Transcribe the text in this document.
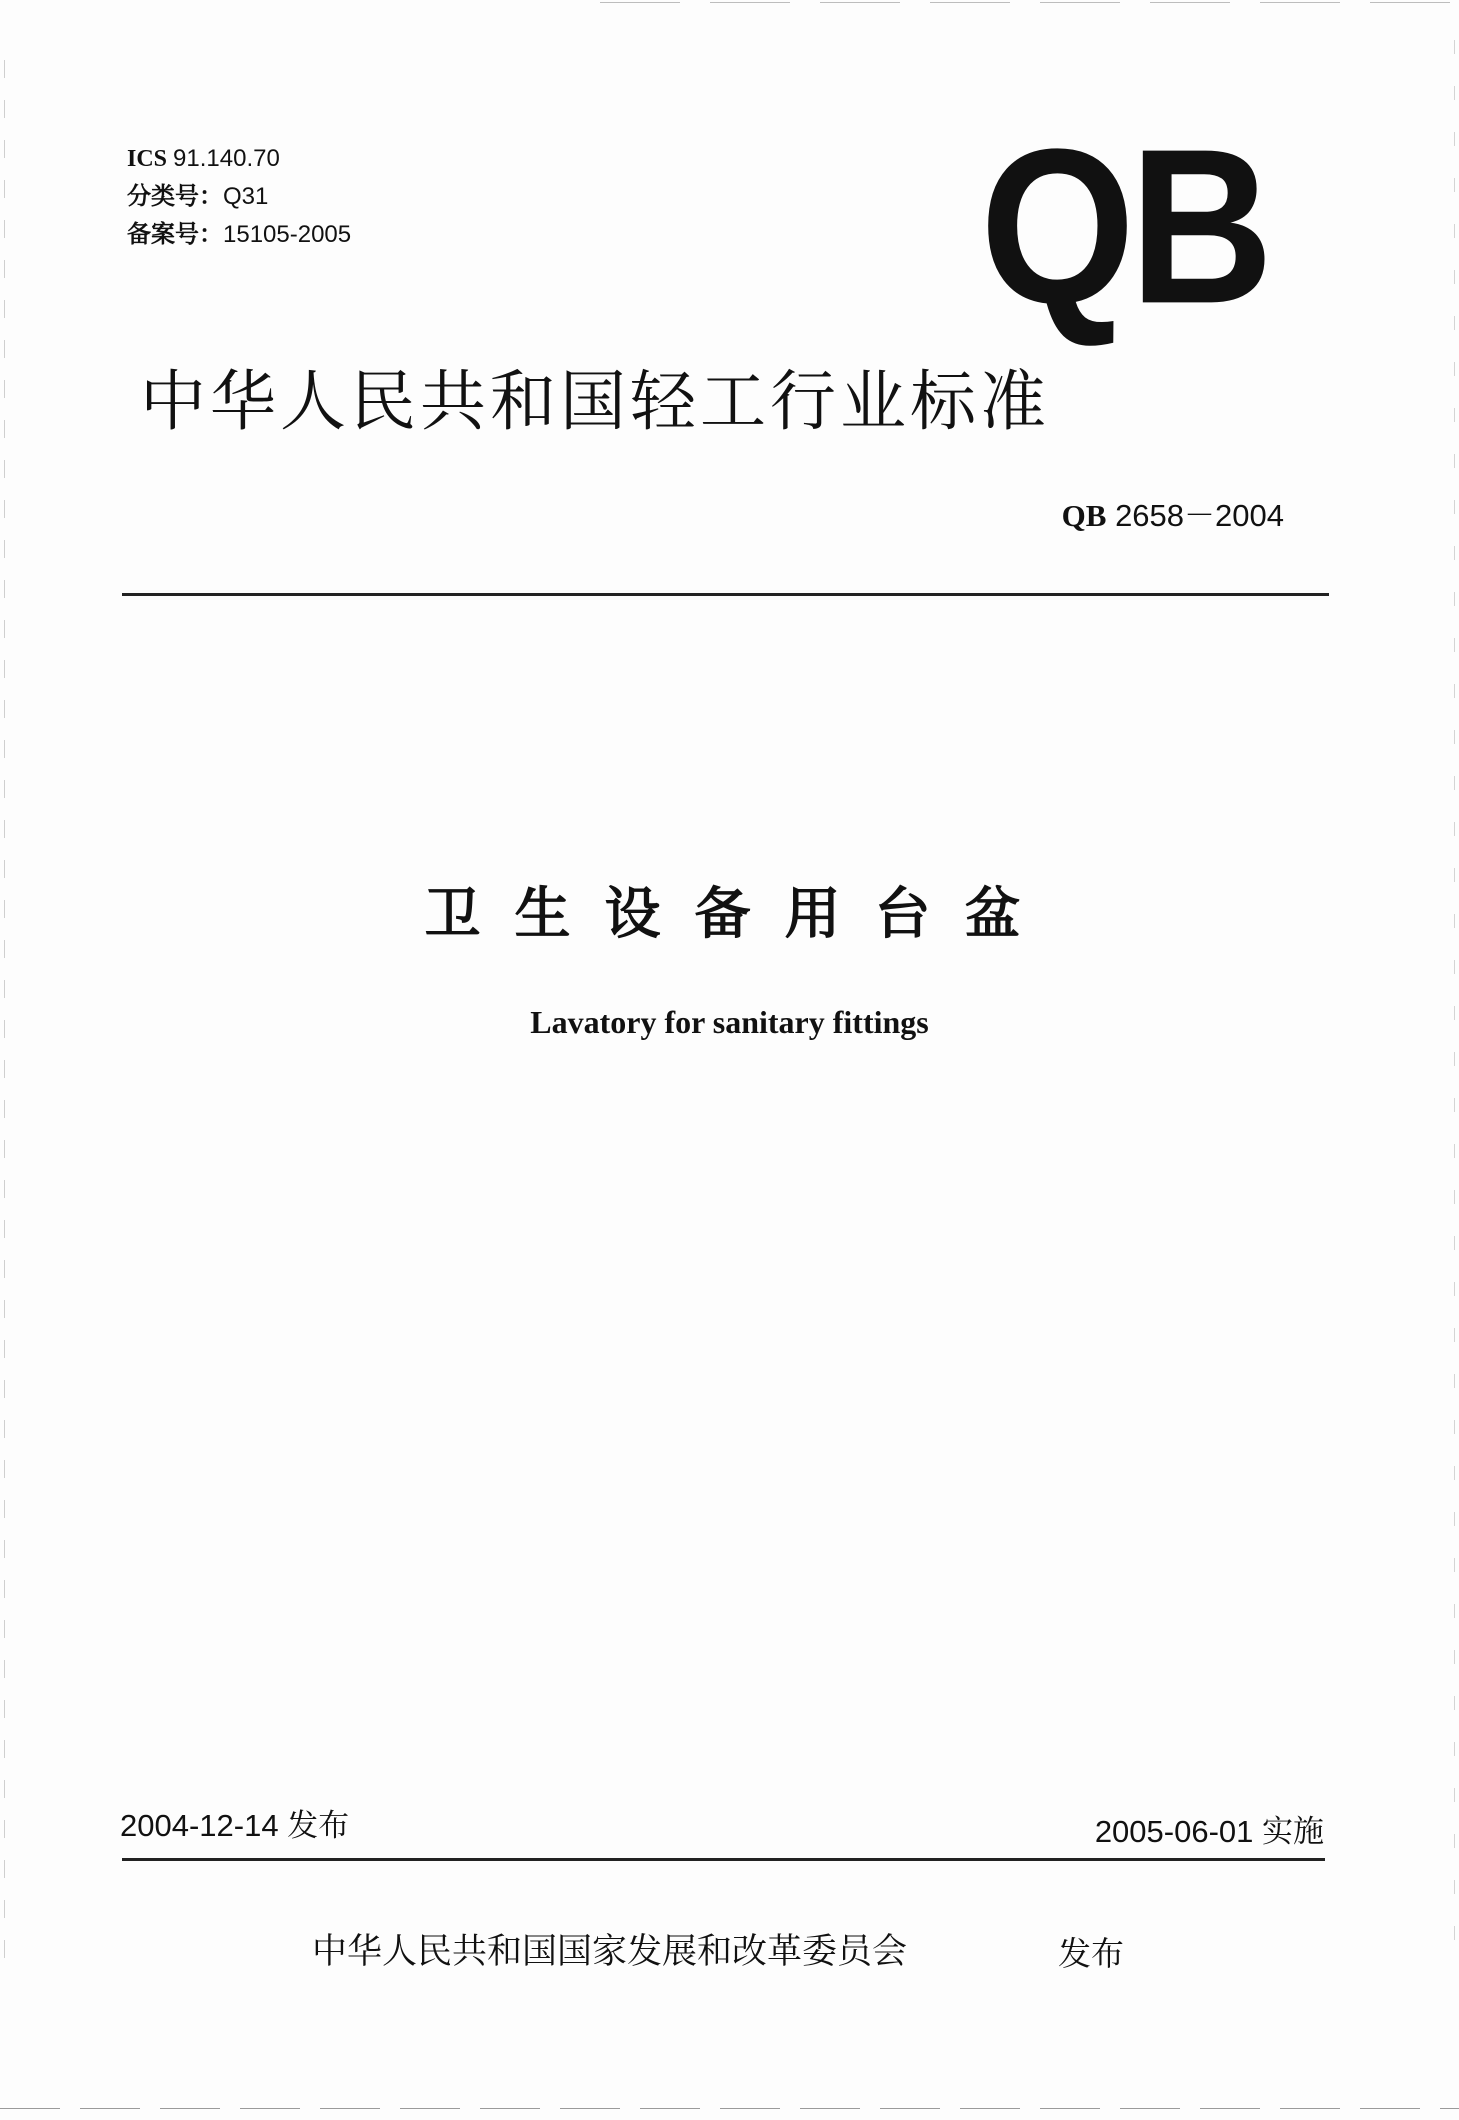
ICS 91.140.70
分类号：Q31
备案号：15105-2005	QB
中华人民共和国轻工行业标准
QB 2658－2004
卫生设备用台盆
Lavatory for sanitary fittings
2004-12-14 发布	2005-06-01 实施
中华人民共和国国家发展和改革委员会	发布
